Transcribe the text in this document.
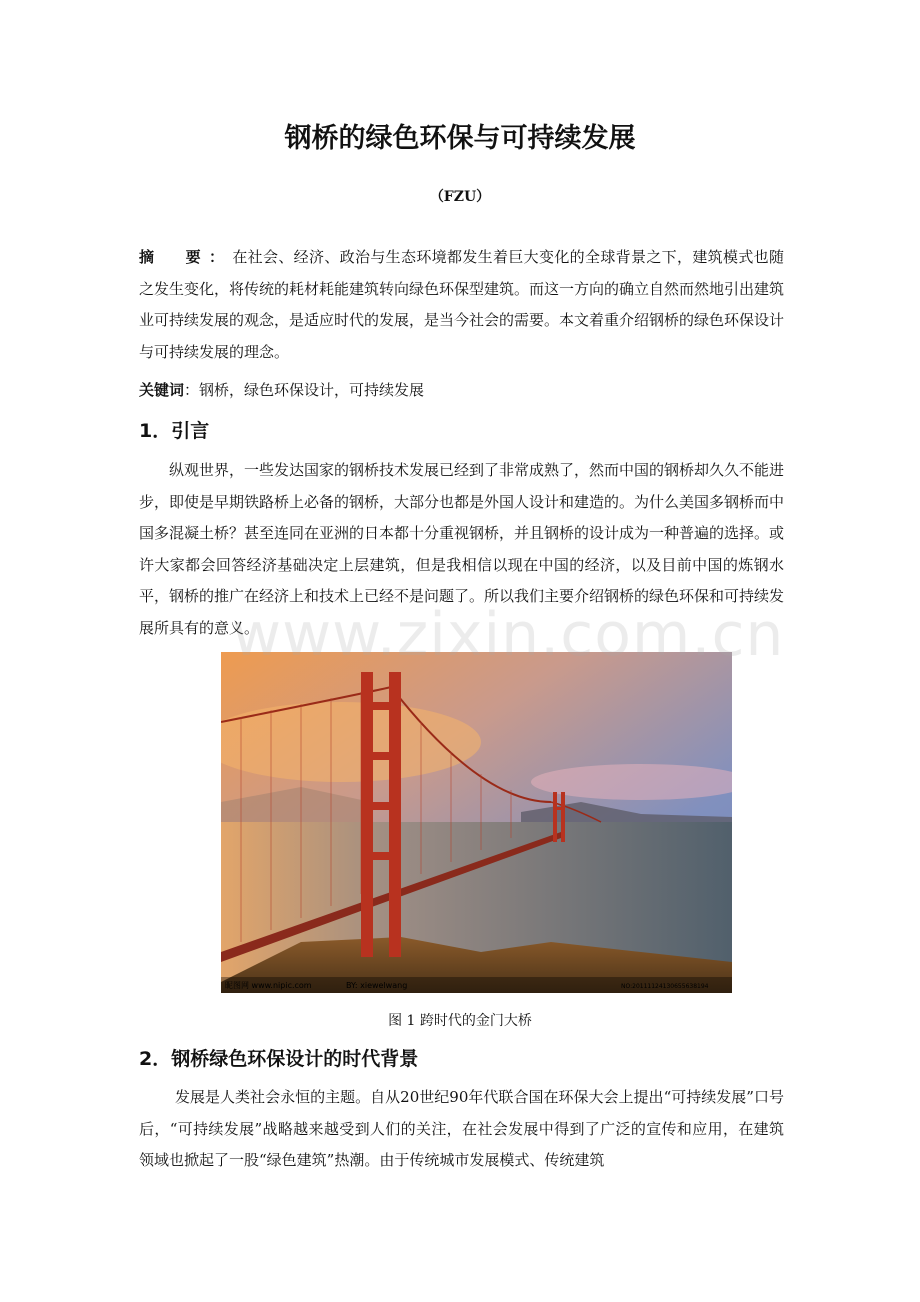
钢桥的绿色环保与可持续发展
（FZU）

摘　要：在社会、经济、政治与生态环境都发生着巨大变化的全球背景之下，建筑模式也随之发生变化，将传统的耗材耗能建筑转向绿色环保型建筑。而这一方向的确立自然而然地引出建筑业可持续发展的观念，是适应时代的发展，是当今社会的需要。本文着重介绍钢桥的绿色环保设计与可持续发展的理念。

关键词：钢桥，绿色环保设计，可持续发展

1．引言

纵观世界，一些发达国家的钢桥技术发展已经到了非常成熟了，然而中国的钢桥却久久不能进步，即使是早期铁路桥上必备的钢桥，大部分也都是外国人设计和建造的。为什么美国多钢桥而中国多混凝土桥？甚至连同在亚洲的日本都十分重视钢桥，并且钢桥的设计成为一种普遍的选择。或许大家都会回答经济基础决定上层建筑，但是我相信以现在中国的经济，以及目前中国的炼钢水平，钢桥的推广在经济上和技术上已经不是问题了。所以我们主要介绍钢桥的绿色环保和可持续发展所具有的意义。

昵图网 www.nipic.com	BY: xiewelwang	NO:20111124130655638194
www.zixin.com.cn
图 1 跨时代的金门大桥
2．钢桥绿色环保设计的时代背景

发展是人类社会永恒的主题。自从20世纪90年代联合国在环保大会上提出“可持续发展”口号后，“可持续发展”战略越来越受到人们的关注，在社会发展中得到了广泛的宣传和应用，在建筑领域也掀起了一股“绿色建筑”热潮。由于传统城市发展模式、传统建筑
